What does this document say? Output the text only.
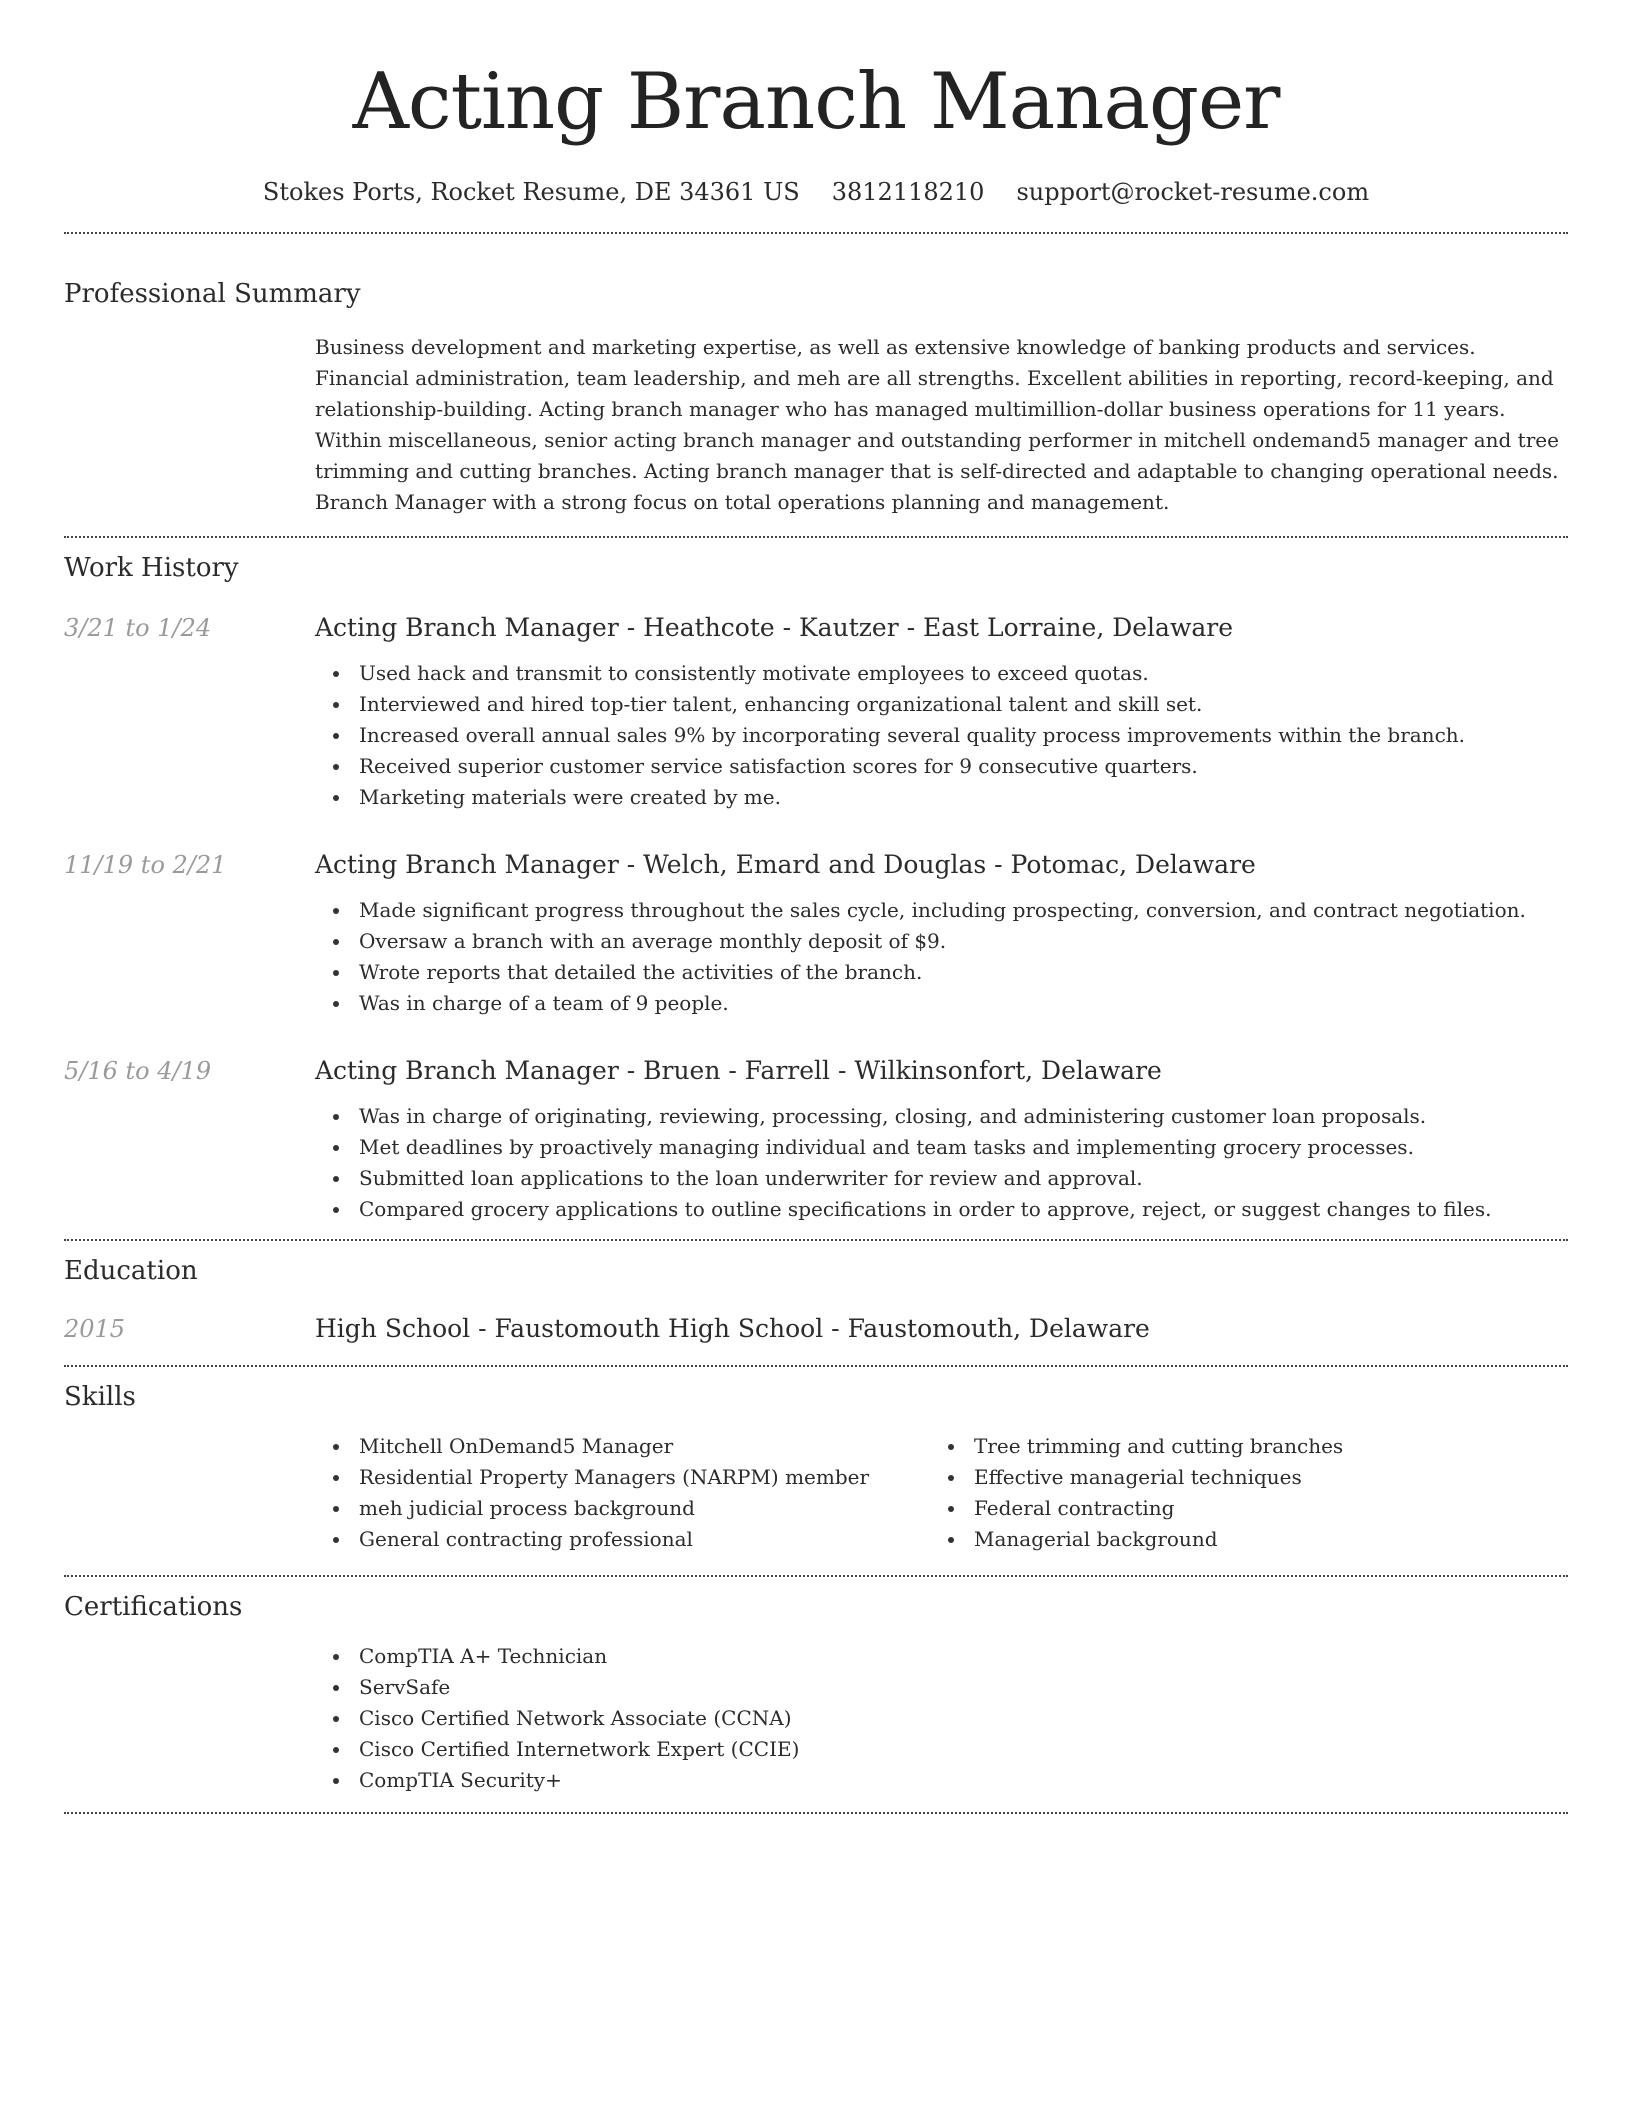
Acting Branch Manager
Stokes Ports, Rocket Resume, DE 34361 US 3812118210 support@rocket-resume.com
Professional Summary

Business development and marketing expertise, as well as extensive knowledge of banking products and services. Financial administration, team leadership, and meh are all strengths. Excellent abilities in reporting, record-keeping, and relationship-building. Acting branch manager who has managed multimillion-dollar business operations for 11 years. Within miscellaneous, senior acting branch manager and outstanding performer in mitchell ondemand5 manager and tree trimming and cutting branches. Acting branch manager that is self-directed and adaptable to changing operational needs. Branch Manager with a strong focus on total operations planning and management.

Work History
3/21 to 1/24	Acting Branch Manager - Heathcote - Kautzer - East Lorraine, Delaware
Used hack and transmit to consistently motivate employees to exceed quotas.
Interviewed and hired top-tier talent, enhancing organizational talent and skill set.
Increased overall annual sales 9% by incorporating several quality process improvements within the branch.
Received superior customer service satisfaction scores for 9 consecutive quarters.
Marketing materials were created by me.
11/19 to 2/21	Acting Branch Manager - Welch, Emard and Douglas - Potomac, Delaware
Made significant progress throughout the sales cycle, including prospecting, conversion, and contract negotiation.
Oversaw a branch with an average monthly deposit of $9.
Wrote reports that detailed the activities of the branch.
Was in charge of a team of 9 people.
5/16 to 4/19	Acting Branch Manager - Bruen - Farrell - Wilkinsonfort, Delaware
Was in charge of originating, reviewing, processing, closing, and administering customer loan proposals.
Met deadlines by proactively managing individual and team tasks and implementing grocery processes.
Submitted loan applications to the loan underwriter for review and approval.
Compared grocery applications to outline specifications in order to approve, reject, or suggest changes to files.
Education
2015	High School - Faustomouth High School - Faustomouth, Delaware
Skills
Mitchell OnDemand5 Manager
Residential Property Managers (NARPM) member
meh judicial process background
General contracting professional
Tree trimming and cutting branches
Effective managerial techniques
Federal contracting
Managerial background
Certifications
CompTIA A+ Technician
ServSafe
Cisco Certified Network Associate (CCNA)
Cisco Certified Internetwork Expert (CCIE)
CompTIA Security+
